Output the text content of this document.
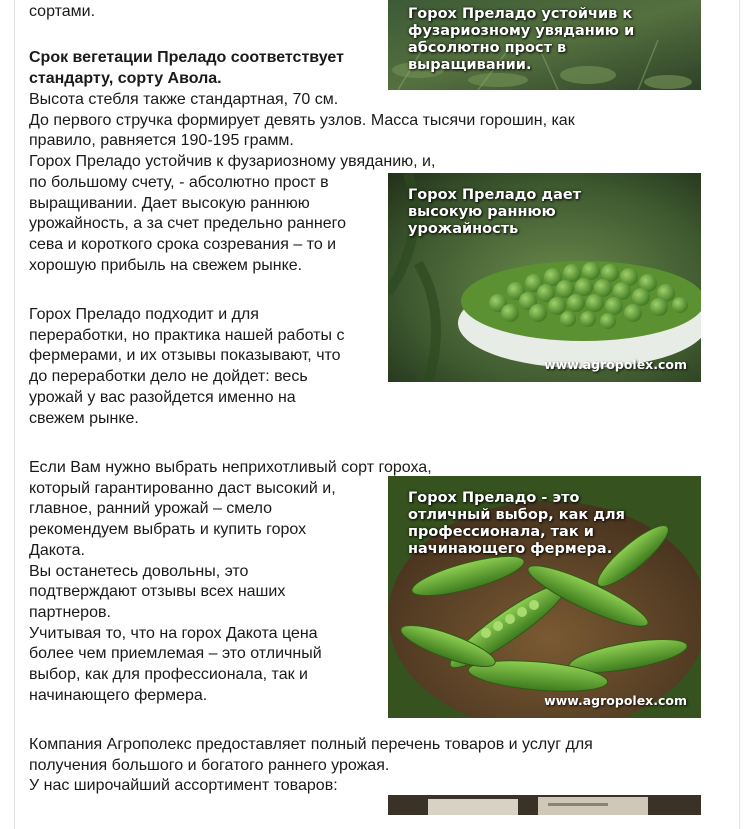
сортами.
Срок вегетации Преладо соответствует
стандарту, сорту Авола.
Высота стебля также стандартная, 70 см.
До первого стручка формирует девять узлов. Масса тысячи горошин, как
правило, равняется 190-195 грамм.
Горох Преладо устойчив к фузариозному увяданию, и,
по большому счету, - абсолютно прост в
выращивании. Дает высокую раннюю
урожайность, а за счет предельно раннего
сева и короткого срока созревания – то и
хорошую прибыль на свежем рынке.
Горох Преладо подходит и для
переработки, но практика нашей работы с
фермерами, и их отзывы показывают, что
до переработки дело не дойдет: весь
урожай у вас разойдется именно на
свежем рынке.
Если Вам нужно выбрать неприхотливый сорт гороха,
который гарантированно даст высокий и,
главное, ранний урожай – смело
рекомендуем выбрать и купить горох
Дакота.
Вы останетесь довольны, это
подтверждают отзывы всех наших
партнеров.
Учитывая то, что на горох Дакота цена
более чем приемлемая – это отличный
выбор, как для профессионала, так и
начинающего фермера.
Компания Агрополекс предоставляет полный перечень товаров и услуг для
получения большого и богатого раннего урожая.
У нас широчайший ассортимент товаров:
Горох Преладо устойчив к
фузариозному увяданию и
абсолютно прост в
выращивании.
Горох Преладо дает
высокую раннюю
урожайность
www.agropolex.com
Горох Преладо - это
отличный выбор, как для
профессионала, так и
начинающего фермера.
www.agropolex.com
